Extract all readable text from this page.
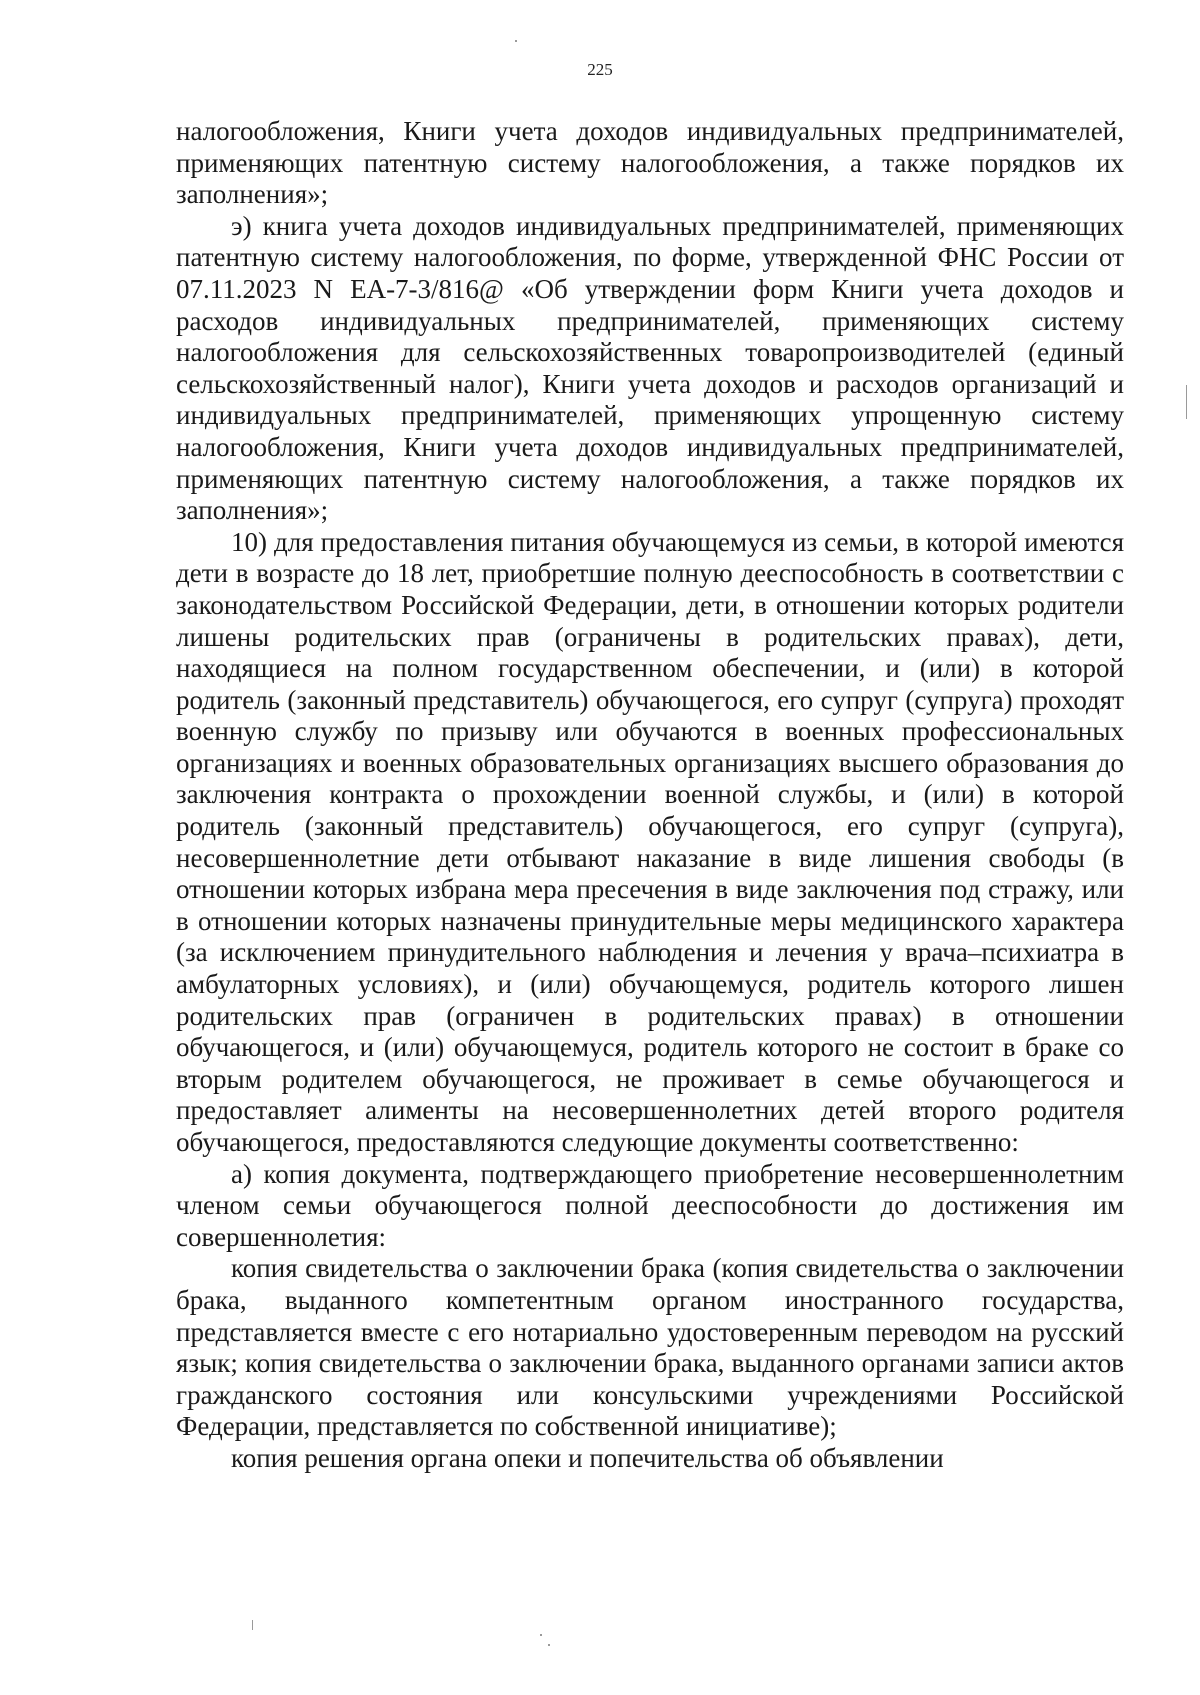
225

налогообложения, Книги учета доходов индивидуальных предпринимателей, применяющих патентную систему налогообложения, а также порядков их заполнения»;

э) книга учета доходов индивидуальных предпринимателей, применяющих патентную систему налогообложения, по форме, утвержденной ФНС России от 07.11.2023 N ЕА-7-3/816@ «Об утверждении форм Книги учета доходов и расходов индивидуальных предпринимателей, применяющих систему налогообложения для сельскохозяйственных товаропроизводителей (единый сельскохозяйственный налог), Книги учета доходов и расходов организаций и индивидуальных предпринимателей, применяющих упрощенную систему налогообложения, Книги учета доходов индивидуальных предпринимателей, применяющих патентную систему налогообложения, а также порядков их заполнения»;

10) для предоставления питания обучающемуся из семьи, в которой имеются дети в возрасте до 18 лет, приобретшие полную дееспособность в соответствии с законодательством Российской Федерации, дети, в отношении которых родители лишены родительских прав (ограничены в родительских правах), дети, находящиеся на полном государственном обеспечении, и (или) в которой родитель (законный представитель) обучающегося, его супруг (супруга) проходят военную службу по призыву или обучаются в военных профессиональных организациях и военных образовательных организациях высшего образования до заключения контракта о прохождении военной службы, и (или) в которой родитель (законный представитель) обучающегося, его супруг (супруга), несовершеннолетние дети отбывают наказание в виде лишения свободы (в отношении которых избрана мера пресечения в виде заключения под стражу, или в отношении которых назначены принудительные меры медицинского характера (за исключением принудительного наблюдения и лечения у врача–психиатра в амбулаторных условиях), и (или) обучающемуся, родитель которого лишен родительских прав (ограничен в родительских правах) в отношении обучающегося, и (или) обучающемуся, родитель которого не состоит в браке со вторым родителем обучающегося, не проживает в семье обучающегося и предоставляет алименты на несовершеннолетних детей второго родителя обучающегося, предоставляются следующие документы соответственно:

а) копия документа, подтверждающего приобретение несовершеннолетним членом семьи обучающегося полной дееспособности до достижения им совершеннолетия:

копия свидетельства о заключении брака (копия свидетельства о заключении брака, выданного компетентным органом иностранного государства, представляется вместе с его нотариально удостоверенным переводом на русский язык; копия свидетельства о заключении брака, выданного органами записи актов гражданского состояния или консульскими учреждениями Российской Федерации, представляется по собственной инициативе);

копия решения органа опеки и попечительства об объявлении
